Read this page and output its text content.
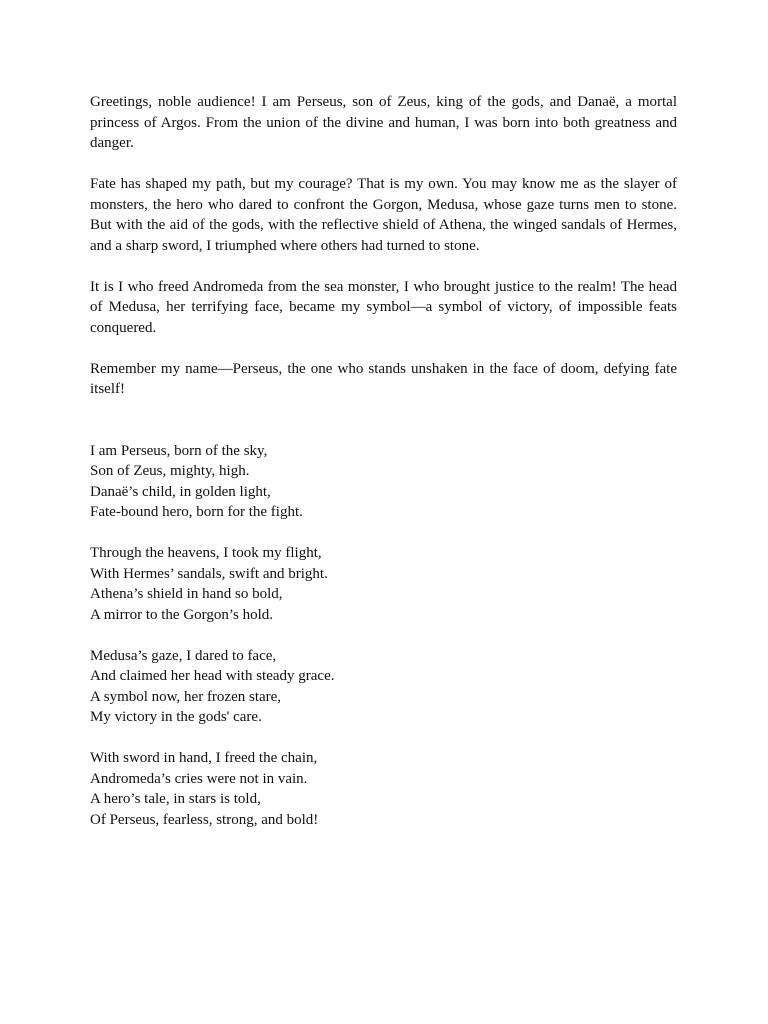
Greetings, noble audience! I am Perseus, son of Zeus, king of the gods, and Danaë, a mortal princess of Argos. From the union of the divine and human, I was born into both greatness and danger.

Fate has shaped my path, but my courage? That is my own. You may know me as the slayer of monsters, the hero who dared to confront the Gorgon, Medusa, whose gaze turns men to stone. But with the aid of the gods, with the reflective shield of Athena, the winged sandals of Hermes, and a sharp sword, I triumphed where others had turned to stone.

It is I who freed Andromeda from the sea monster, I who brought justice to the realm! The head of Medusa, her terrifying face, became my symbol—a symbol of victory, of impossible feats conquered.

Remember my name—Perseus, the one who stands unshaken in the face of doom, defying fate itself!

I am Perseus, born of the sky,
Son of Zeus, mighty, high.
Danaë’s child, in golden light,
Fate-bound hero, born for the fight.
Through the heavens, I took my flight,
With Hermes’ sandals, swift and bright.
Athena’s shield in hand so bold,
A mirror to the Gorgon’s hold.
Medusa’s gaze, I dared to face,
And claimed her head with steady grace.
A symbol now, her frozen stare,
My victory in the gods' care.
With sword in hand, I freed the chain,
Andromeda’s cries were not in vain.
A hero’s tale, in stars is told,
Of Perseus, fearless, strong, and bold!
